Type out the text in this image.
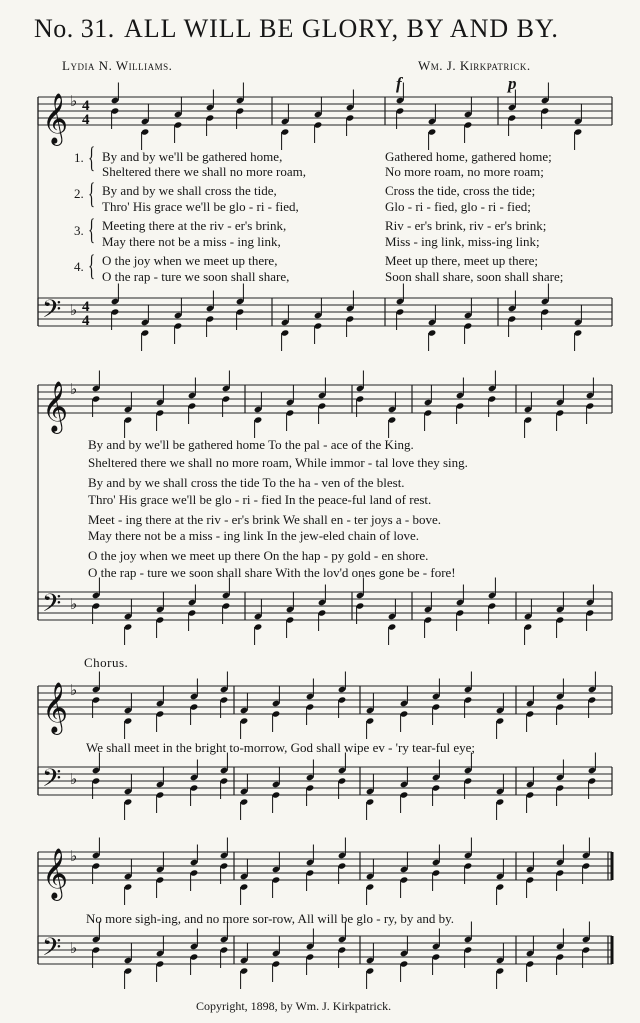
No. 31. ALL WILL BE GLORY, BY AND BY.
Lydia N. Williams.	Wm. J. Kirkpatrick.
f	p
𝄞 ♭ 4
4
𝄢 ♭ 4
4
𝄞 ♭
𝄢 ♭
𝄞 ♭
𝄢 ♭
𝄞 ♭
𝄢 ♭
1.
2.
3.
4.
{
{
{
{
By and by we'll be gathered home,	Gathered home, gathered home;
Sheltered there we shall no more roam,	No more roam, no more roam;
By and by we shall cross the tide,	Cross the tide, cross the tide;
Thro' His grace we'll be glo - ri - fied,	Glo - ri - fied, glo - ri - fied;
Meeting there at the riv - er's brink,	Riv - er's brink, riv - er's brink;
May there not be a miss - ing link,	Miss - ing link, miss-ing link;
O the joy when we meet up there,	Meet up there, meet up there;
O the rap - ture we soon shall share,	Soon shall share, soon shall share;
By and by we'll be gathered home To the pal - ace of the King.
Sheltered there we shall no more roam, While immor - tal love they sing.
By and by we shall cross the tide To the ha - ven of the blest.
Thro' His grace we'll be glo - ri - fied In the peace-ful land of rest.
Meet - ing there at the riv - er's brink We shall en - ter joys a - bove.
May there not be a miss - ing link In the jew-eled chain of love.
O the joy when we meet up there On the hap - py gold - en shore.
O the rap - ture we soon shall share With the lov'd ones gone be - fore!
Chorus.
We shall meet in the bright to-morrow, God shall wipe ev - 'ry tear-ful eye;
No more sigh-ing, and no more sor-row, All will be glo - ry, by and by.
Copyright, 1898, by Wm. J. Kirkpatrick.
